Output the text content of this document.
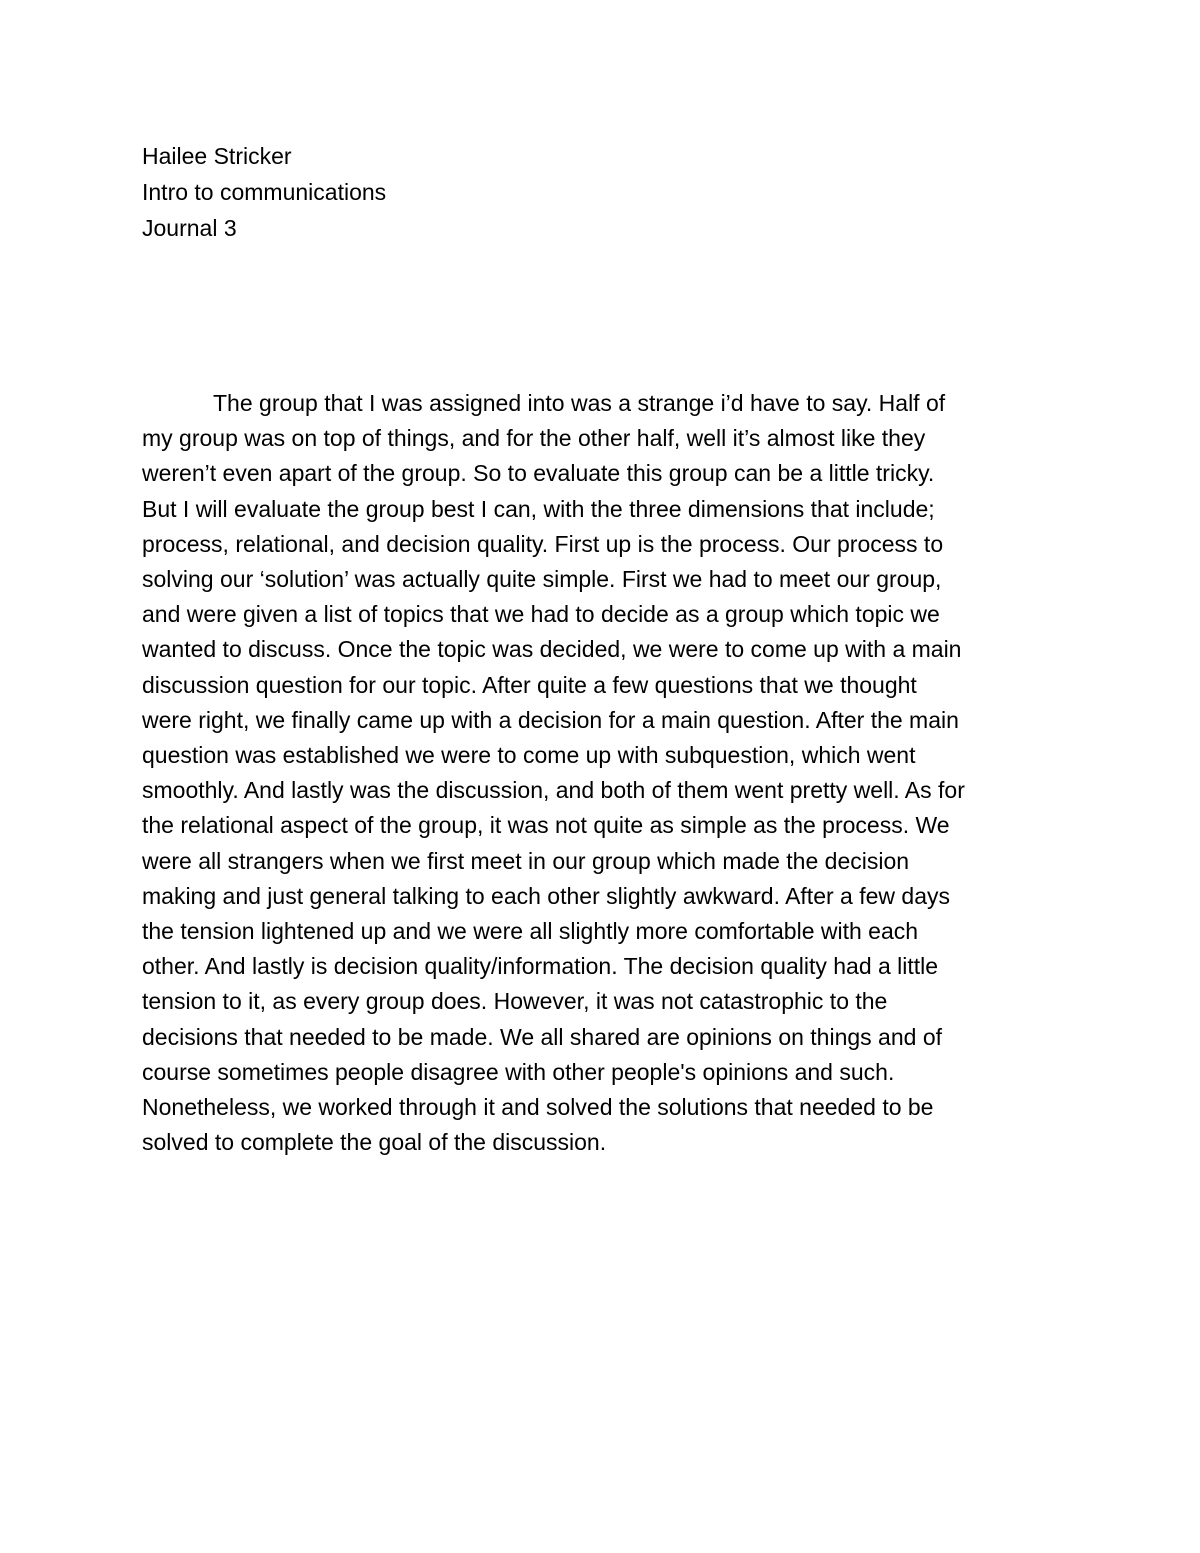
Hailee Stricker
Intro to communications
Journal 3
The group that I was assigned into was a strange i’d have to say. Half of
my group was on top of things, and for the other half, well it’s almost like they
weren’t even apart of the group. So to evaluate this group can be a little tricky.
But I will evaluate the group best I can, with the three dimensions that include;
process, relational, and decision quality. First up is the process. Our process to
solving our ‘solution’ was actually quite simple. First we had to meet our group,
and were given a list of topics that we had to decide as a group which topic we
wanted to discuss. Once the topic was decided, we were to come up with a main
discussion question for our topic. After quite a few questions that we thought
were right, we finally came up with a decision for a main question. After the main
question was established we were to come up with subquestion, which went
smoothly. And lastly was the discussion, and both of them went pretty well. As for
the relational aspect of the group, it was not quite as simple as the process. We
were all strangers when we first meet in our group which made the decision
making and just general talking to each other slightly awkward. After a few days
the tension lightened up and we were all slightly more comfortable with each
other. And lastly is decision quality/information. The decision quality had a little
tension to it, as every group does. However, it was not catastrophic to the
decisions that needed to be made. We all shared are opinions on things and of
course sometimes people disagree with other people's opinions and such.
Nonetheless, we worked through it and solved the solutions that needed to be
solved to complete the goal of the discussion.
